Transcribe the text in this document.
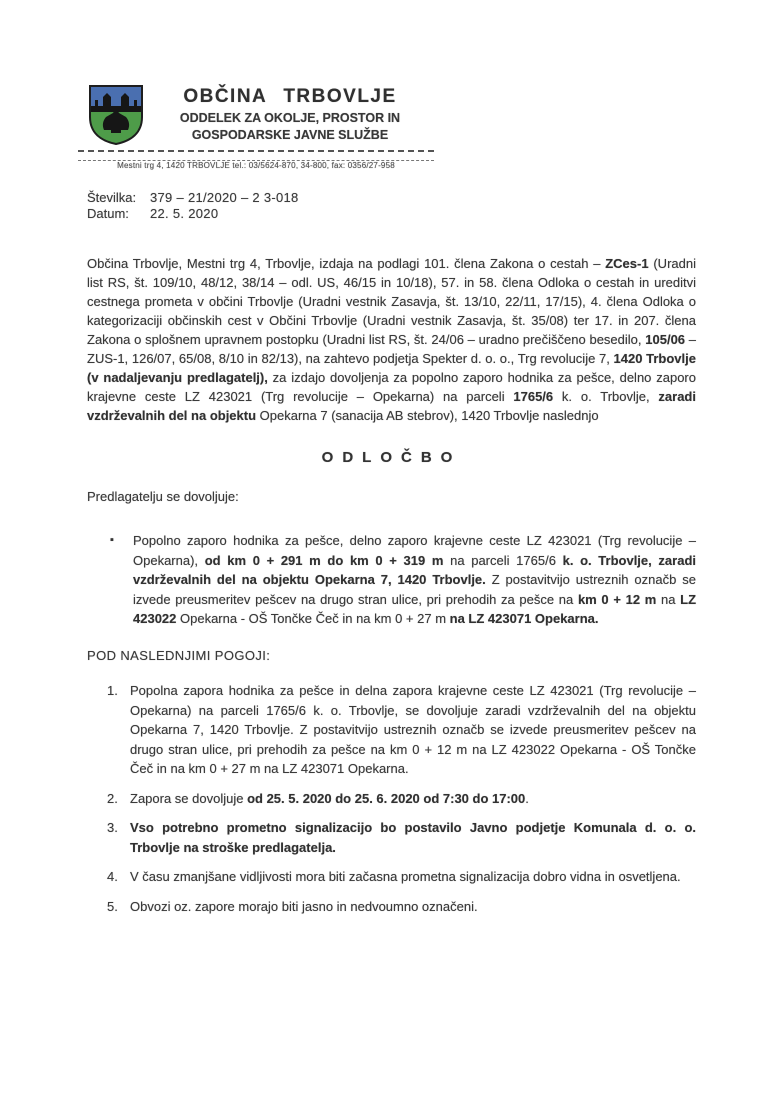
OBČINA TRBOVLJE
ODDELEK ZA OKOLJE, PROSTOR IN
GOSPODARSKE JAVNE SLUŽBE
Mestni trg 4, 1420 TRBOVLJE tel.: 03/5624-870, 34-800, fax: 0356/27-958
Številka:	379 – 21/2020 – 2 3-018
Datum:	22. 5. 2020
Občina Trbovlje, Mestni trg 4, Trbovlje, izdaja na podlagi 101. člena Zakona o cestah – ZCes-1 (Uradni list RS, št. 109/10, 48/12, 38/14 – odl. US, 46/15 in 10/18), 57. in 58. člena Odloka o cestah in ureditvi cestnega prometa v občini Trbovlje (Uradni vestnik Zasavja, št. 13/10, 22/11, 17/15), 4. člena Odloka o kategorizaciji občinskih cest v Občini Trbovlje (Uradni vestnik Zasavja, št. 35/08) ter 17. in 207. člena Zakona o splošnem upravnem postopku (Uradni list RS, št. 24/06 – uradno prečiščeno besedilo, 105/06 – ZUS-1, 126/07, 65/08, 8/10 in 82/13), na zahtevo podjetja Spekter d. o. o., Trg revolucije 7, 1420 Trbovlje (v nadaljevanju predlagatelj), za izdajo dovoljenja za popolno zaporo hodnika za pešce, delno zaporo krajevne ceste LZ 423021 (Trg revolucije – Opekarna) na parceli 1765/6 k. o. Trbovlje, zaradi vzdrževalnih del na objektu Opekarna 7 (sanacija AB stebrov), 1420 Trbovlje naslednjo
ODLOČBO
Predlagatelju se dovoljuje:
▪	Popolno zaporo hodnika za pešce, delno zaporo krajevne ceste LZ 423021 (Trg revolucije – Opekarna), od km 0 + 291 m do km 0 + 319 m na parceli 1765/6 k. o. Trbovlje, zaradi vzdrževalnih del na objektu Opekarna 7, 1420 Trbovlje. Z postavitvijo ustreznih označb se izvede preusmeritev pešcev na drugo stran ulice, pri prehodih za pešce na km 0 + 12 m na LZ 423022 Opekarna - OŠ Tončke Čeč in na km 0 + 27 m na LZ 423071 Opekarna.
POD NASLEDNJIMI POGOJI:
1. Popolna zapora hodnika za pešce in delna zapora krajevne ceste LZ 423021 (Trg revolucije – Opekarna) na parceli 1765/6 k. o. Trbovlje, se dovoljuje zaradi vzdrževalnih del na objektu Opekarna 7, 1420 Trbovlje. Z postavitvijo ustreznih označb se izvede preusmeritev pešcev na drugo stran ulice, pri prehodih za pešce na km 0 + 12 m na LZ 423022 Opekarna - OŠ Tončke Čeč in na km 0 + 27 m na LZ 423071 Opekarna.
2. Zapora se dovoljuje od 25. 5. 2020 do 25. 6. 2020 od 7:30 do 17:00.
3. Vso potrebno prometno signalizacijo bo postavilo Javno podjetje Komunala d. o. o. Trbovlje na stroške predlagatelja.
4. V času zmanjšane vidljivosti mora biti začasna prometna signalizacija dobro vidna in osvetljena.
5. Obvozi oz. zapore morajo biti jasno in nedvoumno označeni.
